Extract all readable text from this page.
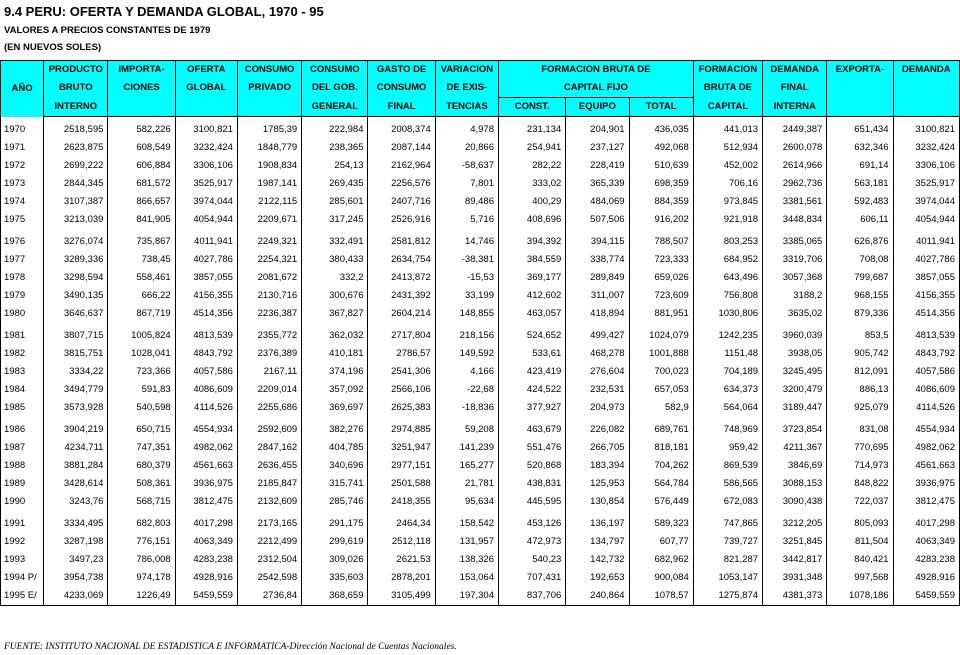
9.4 PERU: OFERTA Y DEMANDA GLOBAL, 1970 - 95
VALORES A PRECIOS CONSTANTES DE 1979
(EN NUEVOS SOLES)
AÑO	PRODUCTO	IMPORTA-	OFERTA	CONSUMO	CONSUMO	GASTO DE	VARIACION	FORMACION BRUTA DE			FORMACION	DEMANDA	EXPORTA-	DEMANDA
	BRUTO	CIONES	GLOBAL	PRIVADO	DEL GOB.	CONSUMO	DE EXIS-	CAPITAL FIJO			BRUTA DE	FINAL		
	INTERNO				GENERAL	FINAL	TENCIAS	CONST.	EQUIPO	TOTAL	CAPITAL	INTERNA		
1970	2518,595	582,226	3100,821	1785,39	222,984	2008,374	4,978	231,134	204,901	436,035	441,013	2449,387	651,434	3100,821
1971	2623,875	608,549	3232,424	1848,779	238,365	2087,144	20,866	254,941	237,127	492,068	512,934	2600,078	632,346	3232,424
1972	2699,222	606,884	3306,106	1908,834	254,13	2162,964	-58,637	282,22	228,419	510,639	452,002	2614,966	691,14	3306,106
1973	2844,345	681,572	3525,917	1987,141	269,435	2256,576	7,801	333,02	365,339	698,359	706,16	2962,736	563,181	3525,917
1974	3107,387	866,657	3974,044	2122,115	285,601	2407,716	89,486	400,29	484,069	884,359	973,845	3381,561	592,483	3974,044
1975	3213,039	841,905	4054,944	2209,671	317,245	2526,916	5,716	408,696	507,506	916,202	921,918	3448,834	606,11	4054,944
1976	3276,074	735,867	4011,941	2249,321	332,491	2581,812	14,746	394,392	394,115	788,507	803,253	3385,065	626,876	4011,941
1977	3289,336	738,45	4027,786	2254,321	380,433	2634,754	-38,381	384,559	338,774	723,333	684,952	3319,706	708,08	4027,786
1978	3298,594	558,461	3857,055	2081,672	332,2	2413,872	-15,53	369,177	289,849	659,026	643,496	3057,368	799,687	3857,055
1979	3490,135	666,22	4156,355	2130,716	300,676	2431,392	33,199	412,602	311,007	723,609	756,808	3188,2	968,155	4156,355
1980	3646,637	867,719	4514,356	2236,387	367,827	2604,214	148,855	463,057	418,894	881,951	1030,806	3635,02	879,336	4514,356
1981	3807,715	1005,824	4813,539	2355,772	362,032	2717,804	218,156	524,652	499,427	1024,079	1242,235	3960,039	853,5	4813,539
1982	3815,751	1028,041	4843,792	2376,389	410,181	2786,57	149,592	533,61	468,278	1001,888	1151,48	3938,05	905,742	4843,792
1983	3334,22	723,366	4057,586	2167,11	374,196	2541,306	4,166	423,419	276,604	700,023	704,189	3245,495	812,091	4057,586
1984	3494,779	591,83	4086,609	2209,014	357,092	2566,106	-22,68	424,522	232,531	657,053	634,373	3200,479	886,13	4086,609
1985	3573,928	540,598	4114,526	2255,686	369,697	2625,383	-18,836	377,927	204,973	582,9	564,064	3189,447	925,079	4114,526
1986	3904,219	650,715	4554,934	2592,609	382,276	2974,885	59,208	463,679	226,082	689,761	748,969	3723,854	831,08	4554,934
1987	4234,711	747,351	4982,062	2847,162	404,785	3251,947	141,239	551,476	266,705	818,181	959,42	4211,367	770,695	4982,062
1988	3881,284	680,379	4561,663	2636,455	340,696	2977,151	165,277	520,868	183,394	704,262	869,539	3846,69	714,973	4561,663
1989	3428,614	508,361	3936,975	2185,847	315,741	2501,588	21,781	438,831	125,953	564,784	586,565	3088,153	848,822	3936,975
1990	3243,76	568,715	3812,475	2132,609	285,746	2418,355	95,634	445,595	130,854	576,449	672,083	3090,438	722,037	3812,475
1991	3334,495	682,803	4017,298	2173,165	291,175	2464,34	158,542	453,126	136,197	589,323	747,865	3212,205	805,093	4017,298
1992	3287,198	776,151	4063,349	2212,499	299,619	2512,118	131,957	472,973	134,797	607,77	739,727	3251,845	811,504	4063,349
1993	3497,23	786,008	4283,238	2312,504	309,026	2621,53	138,326	540,23	142,732	682,962	821,287	3442,817	840,421	4283,238
1994 P/	3954,738	974,178	4928,916	2542,598	335,603	2878,201	153,064	707,431	192,653	900,084	1053,147	3931,348	997,568	4928,916
1995 E/	4233,069	1226,49	5459,559	2736,84	368,659	3105,499	197,304	837,706	240,864	1078,57	1275,874	4381,373	1078,186	5459,559
FUENTE: INSTITUTO NACIONAL DE ESTADISTICA E INFORMATICA-Dirección Nacional de Cuentas Nacionales.
